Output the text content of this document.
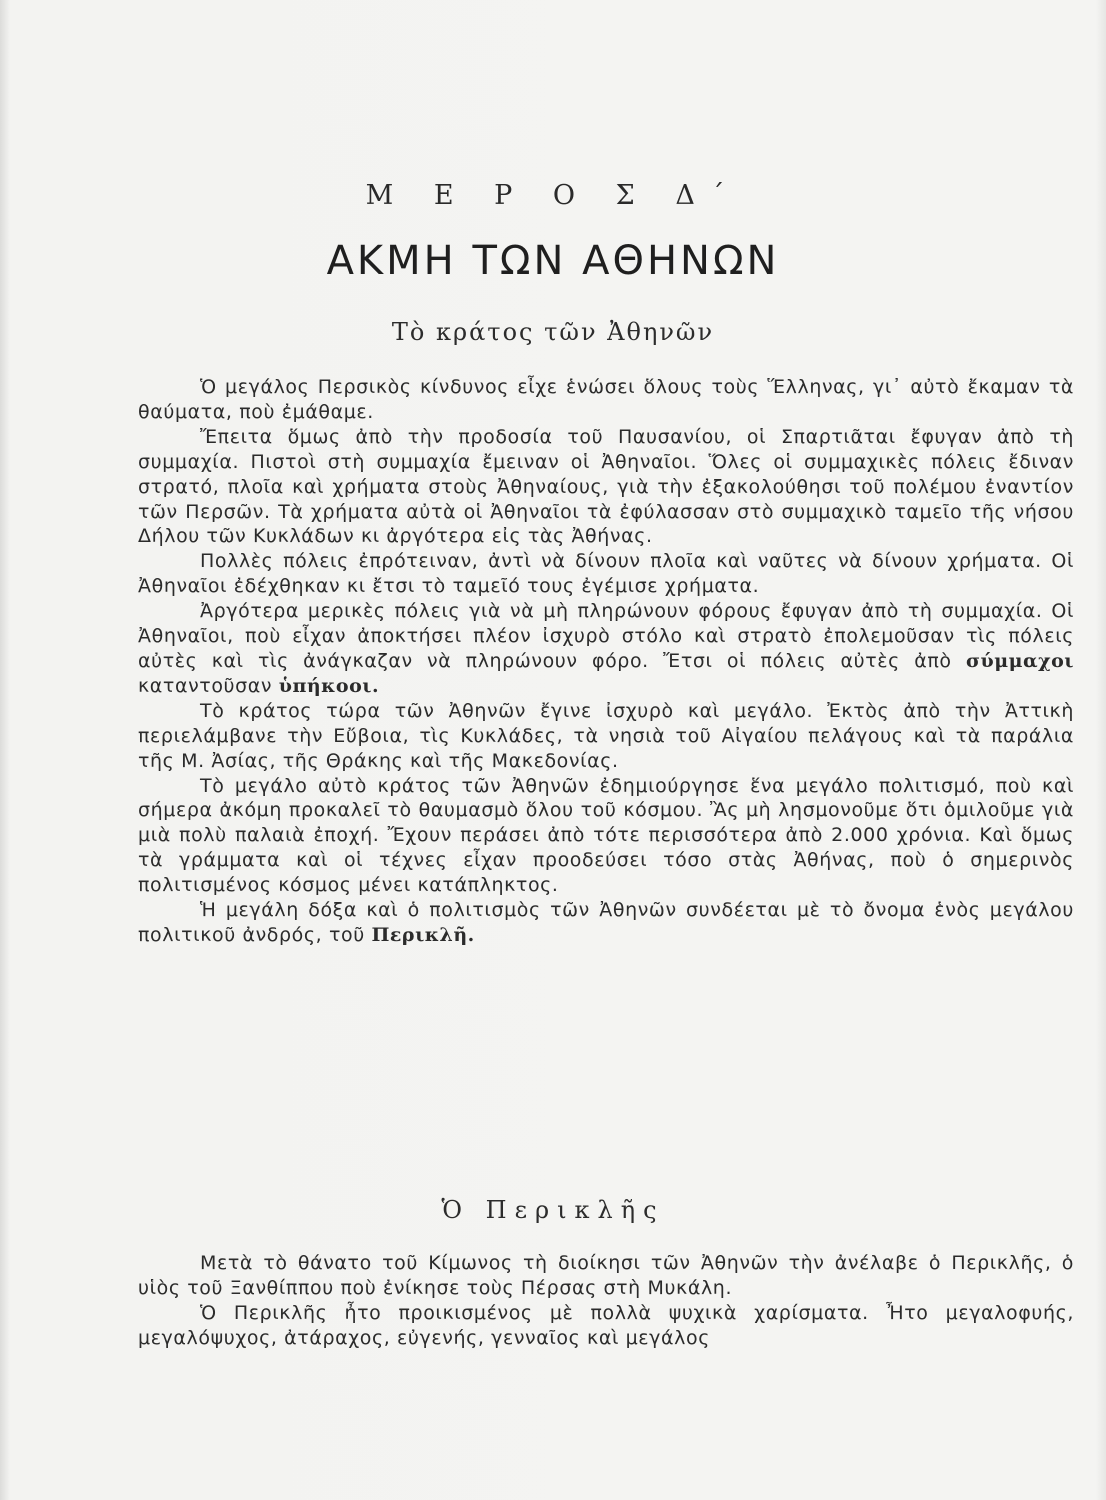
Μ Ε Ρ Ο Σ Δ΄
ΑΚΜΗ ΤΩΝ ΑΘΗΝΩΝ
Τὸ κράτος τῶν Ἀθηνῶν

Ὁ μεγάλος Περσικὸς κίνδυνος εἶχε ἑνώσει ὅλους τοὺς Ἕλληνας, γι᾿ αὐτὸ ἔκαμαν τὰ θαύματα, ποὺ ἐμάθαμε.

Ἔπειτα ὅμως ἀπὸ τὴν προδοσία τοῦ Παυσανίου, οἱ Σπαρτιᾶται ἔφυγαν ἀπὸ τὴ συμμαχία. Πιστοὶ στὴ συμμαχία ἔμειναν οἱ Ἀθηναῖοι. Ὅλες οἱ συμμαχικὲς πόλεις ἔδιναν στρατό, πλοῖα καὶ χρήματα στοὺς Ἀθηναίους, γιὰ τὴν ἐξακολούθησι τοῦ πολέμου ἐναντίον τῶν Περσῶν. Τὰ χρήματα αὐτὰ οἱ Ἀθηναῖοι τὰ ἐφύλασσαν στὸ συμμαχικὸ ταμεῖο τῆς νήσου Δήλου τῶν Κυκλάδων κι ἀργότερα εἰς τὰς Ἀθήνας.

Πολλὲς πόλεις ἐπρότειναν, ἀντὶ νὰ δίνουν πλοῖα καὶ ναῦτες νὰ δίνουν χρήματα. Οἱ Ἀθηναῖοι ἐδέχθηκαν κι ἔτσι τὸ ταμεῖό τους ἐγέμισε χρήματα.

Ἀργότερα μερικὲς πόλεις γιὰ νὰ μὴ πληρώνουν φόρους ἔφυγαν ἀπὸ τὴ συμμαχία. Οἱ Ἀθηναῖοι, ποὺ εἶχαν ἀποκτήσει πλέον ἰσχυρὸ στόλο καὶ στρατὸ ἐπολεμοῦσαν τὶς πόλεις αὐτὲς καὶ τὶς ἀνάγκαζαν νὰ πληρώνουν φόρο. Ἔτσι οἱ πόλεις αὐτὲς ἀπὸ σύμμαχοι καταντοῦσαν ὑπήκοοι.

Τὸ κράτος τώρα τῶν Ἀθηνῶν ἔγινε ἰσχυρὸ καὶ μεγάλο. Ἐκτὸς ἀπὸ τὴν Ἀττικὴ περιελάμβανε τὴν Εὔβοια, τὶς Κυκλάδες, τὰ νησιὰ τοῦ Αἰγαίου πελάγους καὶ τὰ παράλια τῆς Μ. Ἀσίας, τῆς Θράκης καὶ τῆς Μακεδονίας.

Τὸ μεγάλο αὐτὸ κράτος τῶν Ἀθηνῶν ἐδημιούργησε ἕνα μεγάλο πολιτισμό, ποὺ καὶ σήμερα ἀκόμη προκαλεῖ τὸ θαυμασμὸ ὅλου τοῦ κόσμου. Ἂς μὴ λησμονοῦμε ὅτι ὁμιλοῦμε γιὰ μιὰ πολὺ παλαιὰ ἐποχή. Ἔχουν περάσει ἀπὸ τότε περισσότερα ἀπὸ 2.000 χρόνια. Καὶ ὅμως τὰ γράμματα καὶ οἱ τέχνες εἶχαν προοδεύσει τόσο στὰς Ἀθήνας, ποὺ ὁ σημερινὸς πολιτισμένος κόσμος μένει κατάπληκτος.

Ἡ μεγάλη δόξα καὶ ὁ πολιτισμὸς τῶν Ἀθηνῶν συνδέεται μὲ τὸ ὄνομα ἑνὸς μεγάλου πολιτικοῦ ἀνδρός, τοῦ Περικλῆ.

Ὁ Περικλῆς

Μετὰ τὸ θάνατο τοῦ Κίμωνος τὴ διοίκησι τῶν Ἀθηνῶν τὴν ἀνέλαβε ὁ Περικλῆς, ὁ υἱὸς τοῦ Ξανθίππου ποὺ ἐνίκησε τοὺς Πέρσας στὴ Μυκάλη.

Ὁ Περικλῆς ἦτο προικισμένος μὲ πολλὰ ψυχικὰ χαρίσματα. Ἦτο μεγαλοφυής, μεγαλόψυχος, ἀτάραχος, εὐγενής, γενναῖος καὶ μεγάλος
